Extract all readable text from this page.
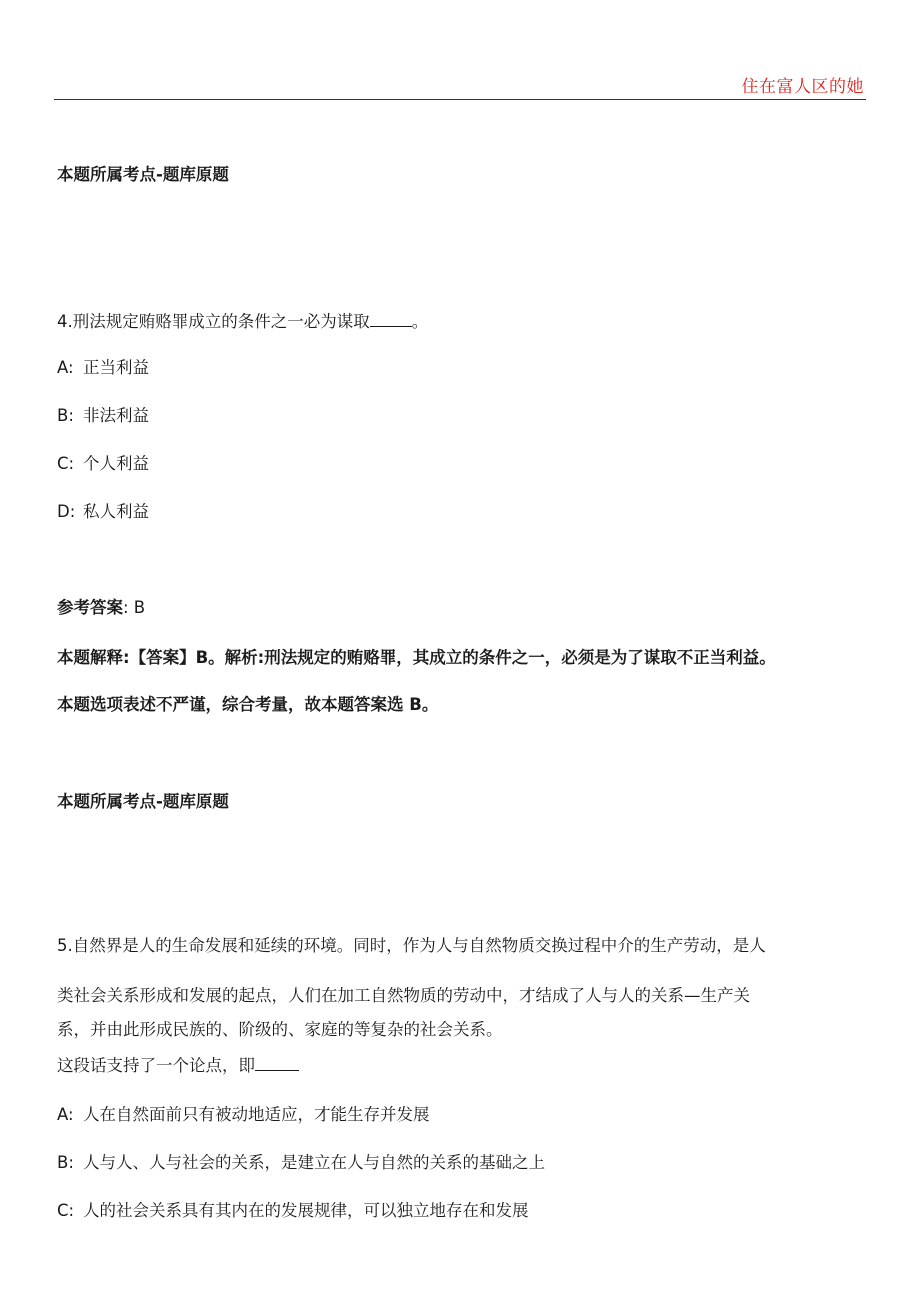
住在富人区的她
本题所属考点-题库原题
4.刑法规定贿赂罪成立的条件之一必为谋取	。
A: 正当利益
B: 非法利益
C: 个人利益
D: 私人利益
参考答案: B
本题解释:【答案】B。解析:刑法规定的贿赂罪，其成立的条件之一，必须是为了谋取不正当利益。
本题选项表述不严谨，综合考量，故本题答案选 B。
本题所属考点-题库原题
5.自然界是人的生命发展和延续的环境。同时，作为人与自然物质交换过程中介的生产劳动，是人
类社会关系形成和发展的起点，人们在加工自然物质的劳动中，才结成了人与人的关系—生产关
系，并由此形成民族的、阶级的、家庭的等复杂的社会关系。
这段话支持了一个论点，即
A: 人在自然面前只有被动地适应，才能生存并发展
B: 人与人、人与社会的关系，是建立在人与自然的关系的基础之上
C: 人的社会关系具有其内在的发展规律，可以独立地存在和发展
